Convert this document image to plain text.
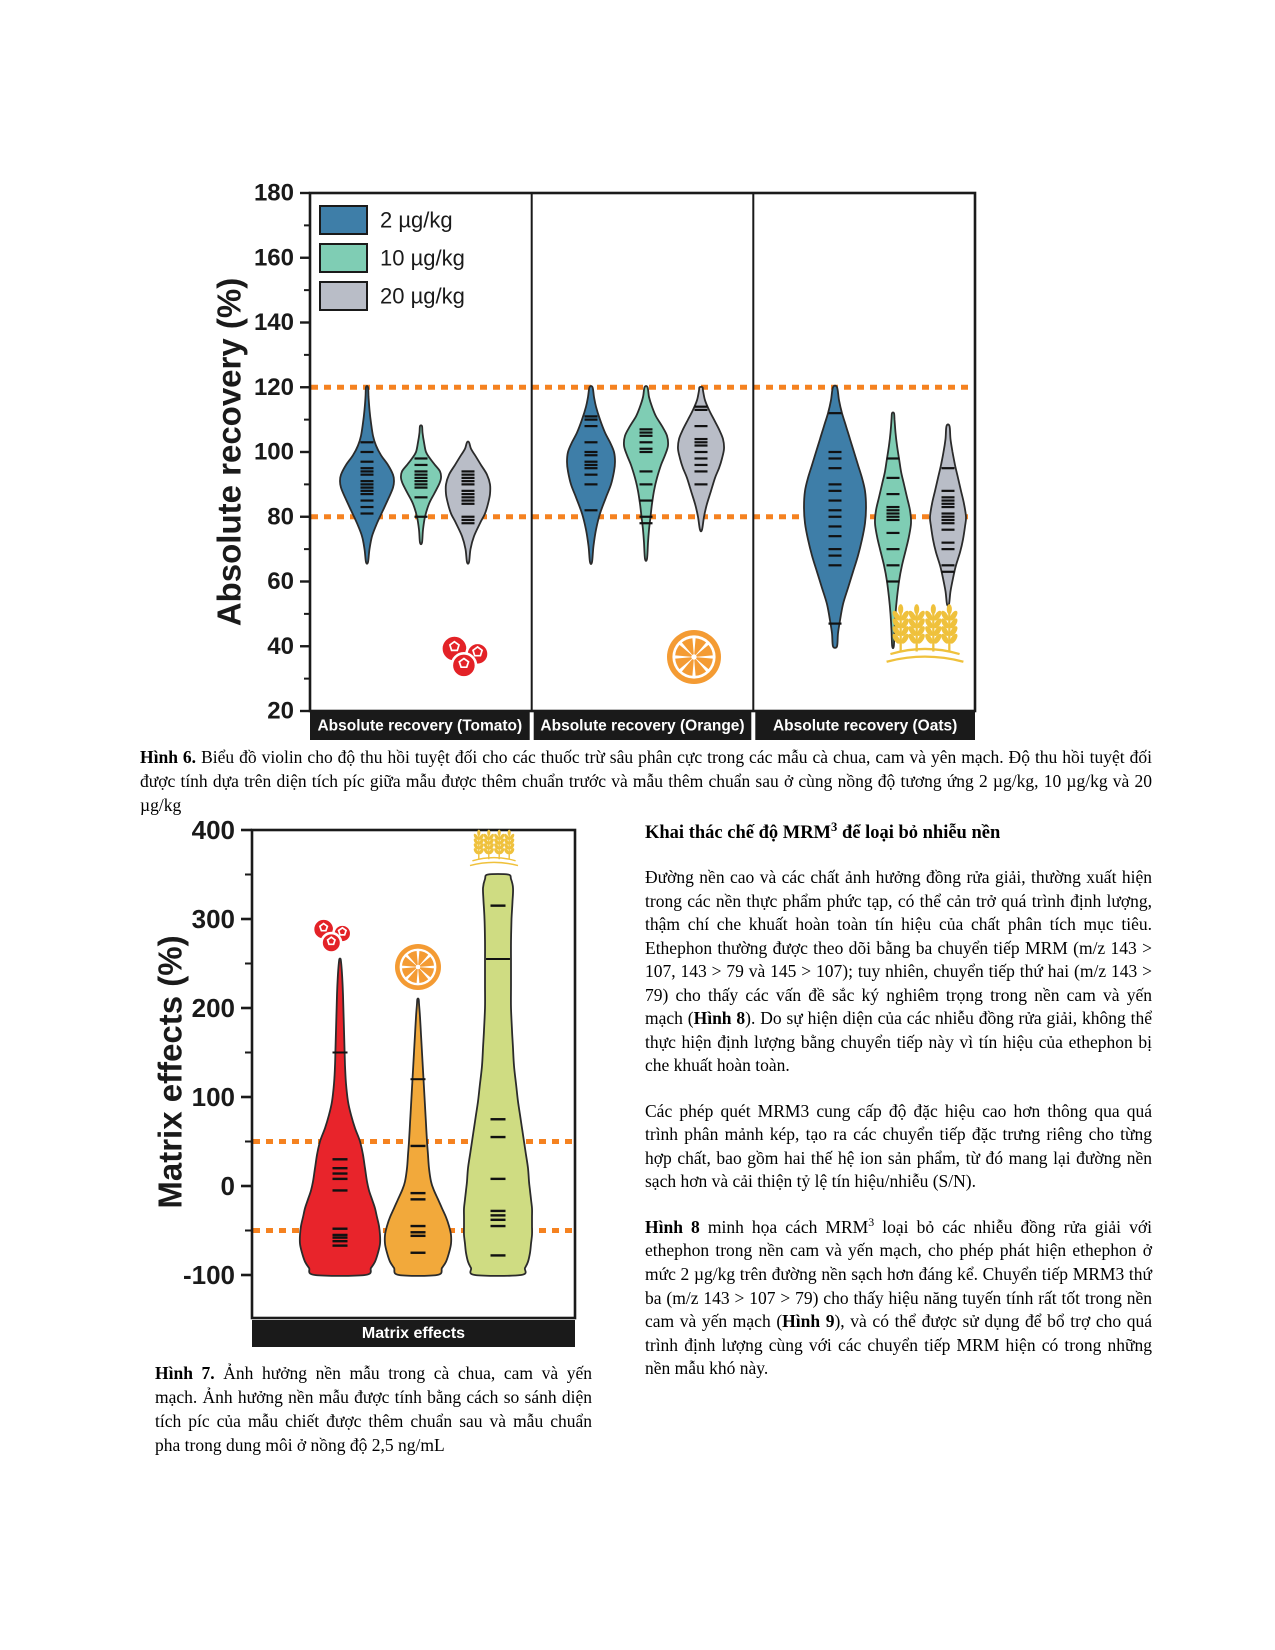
20
40
60
80
100
120
140
160
180
Absolute recovery (%)
2 µg/kg
10 µg/kg
20 µg/kg
Absolute recovery (Tomato) Absolute recovery (Orange) Absolute recovery (Oats)
-100
0
100
200
300
400
Matrix effects (%)
Matrix effects
Hình 6. Biểu đồ violin cho độ thu hồi tuyệt đối cho các thuốc trừ sâu phân cực trong các mẫu cà chua, cam và yên mạch. Độ thu hồi tuyệt đối được tính dựa trên diện tích píc giữa mẫu được thêm chuẩn trước và mẫu thêm chuẩn sau ở cùng nồng độ tương ứng 2 µg/kg, 10 µg/kg và 20 µg/kg
Hình 7. Ảnh hưởng nền mẫu trong cà chua, cam và yến mạch. Ảnh hưởng nền mẫu được tính bằng cách so sánh diện tích píc của mẫu chiết được thêm chuẩn sau và mẫu chuẩn pha trong dung môi ở nồng độ 2,5 ng/mL
Khai thác chế độ MRM$^3$ để loại bỏ nhiễu nền

Đường nền cao và các chất ảnh hưởng đồng rửa giải, thường xuất hiện trong các nền thực phẩm phức tạp, có thể cản trở quá trình định lượng, thậm chí che khuất hoàn toàn tín hiệu của chất phân tích mục tiêu. Ethephon thường được theo dõi bằng ba chuyển tiếp MRM (m/z 143 > 107, 143 > 79 và 145 > 107); tuy nhiên, chuyển tiếp thứ hai (m/z 143 > 79) cho thấy các vấn đề sắc ký nghiêm trọng trong nền cam và yến mạch (Hình 8). Do sự hiện diện của các nhiễu đồng rửa giải, không thể thực hiện định lượng bằng chuyển tiếp này vì tín hiệu của ethephon bị che khuất hoàn toàn.

Các phép quét MRM3 cung cấp độ đặc hiệu cao hơn thông qua quá trình phân mảnh kép, tạo ra các chuyển tiếp đặc trưng riêng cho từng hợp chất, bao gồm hai thế hệ ion sản phẩm, từ đó mang lại đường nền sạch hơn và cải thiện tỷ lệ tín hiệu/nhiễu (S/N).

Hình 8 minh họa cách MRM$^3$ loại bỏ các nhiễu đồng rửa giải với ethephon trong nền cam và yến mạch, cho phép phát hiện ethephon ở mức 2 µg/kg trên đường nền sạch hơn đáng kể. Chuyển tiếp MRM3 thứ ba (m/z 143 > 107 > 79) cho thấy hiệu năng tuyến tính rất tốt trong nền cam và yến mạch (Hình 9), và có thể được sử dụng để bổ trợ cho quá trình định lượng cùng với các chuyển tiếp MRM hiện có trong những nền mẫu khó này.
